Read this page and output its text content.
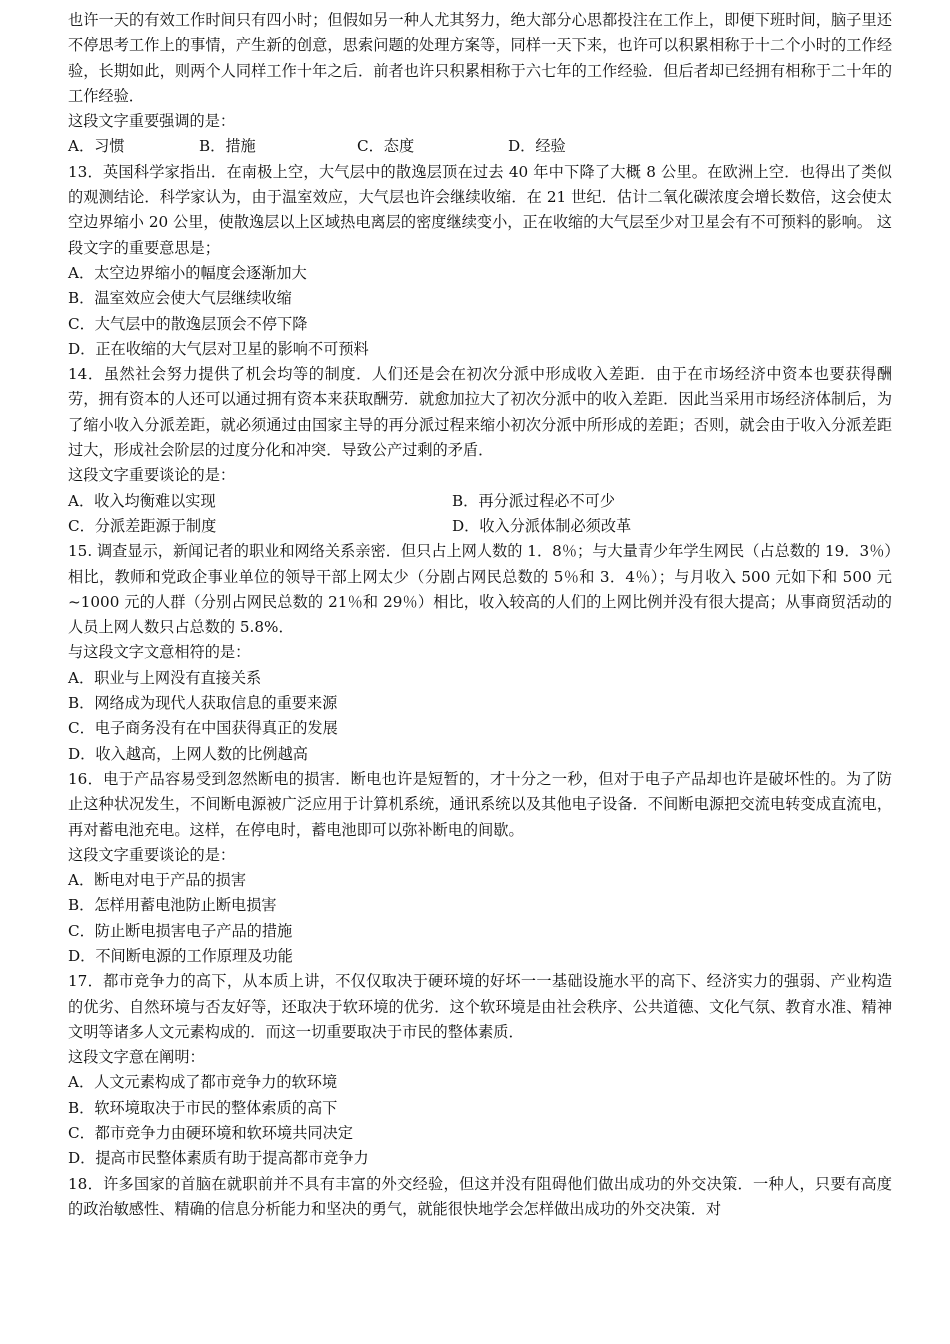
也许一天的有效工作时间只有四小时；但假如另一种人尤其努力，绝大部分心思都投注在工作上，即便下班时间，脑子里还不停思考工作上的事情，产生新的创意，思索问题的处理方案等，同样一天下来，也许可以积累相称于十二个小时的工作经验，长期如此，则两个人同样工作十年之后．前者也许只积累相称于六七年的工作经验．但后者却已经拥有相称于二十年的工作经验．

这段文字重要强调的是：

A．习惯	B．措施	C．态度	D．经验

13．英国科学家指出．在南极上空，大气层中的散逸层顶在过去 40 年中下降了大概 8 公里。在欧洲上空．也得出了类似的观测结论．科学家认为，由于温室效应，大气层也许会继续收缩．在 21 世纪．估计二氧化碳浓度会增长数倍，这会使太空边界缩小 20 公里，使散逸层以上区域热电离层的密度继续变小，正在收缩的大气层至少对卫星会有不可预料的影响。 这段文字的重要意思是；

A．太空边界缩小的幅度会逐渐加大

B．温室效应会使大气层继续收缩

C．大气层中的散逸层顶会不停下降

D．正在收缩的大气层对卫星的影响不可预料

14．虽然社会努力提供了机会均等的制度．人们还是会在初次分派中形成收入差距．由于在市场经济中资本也要获得酬劳，拥有资本的人还可以通过拥有资本来获取酬劳．就愈加拉大了初次分派中的收入差距．因此当采用市场经济体制后，为了缩小收入分派差距，就必须通过由国家主导的再分派过程来缩小初次分派中所形成的差距；否则，就会由于收入分派差距过大，形成社会阶层的过度分化和冲突．导致公产过剩的矛盾．

这段文字重要谈论的是：

A．收入均衡难以实现	B．再分派过程必不可少
C．分派差距源于制度	D．收入分派体制必须改革

15. 调查显示，新闻记者的职业和网络关系亲密．但只占上网人数的 1．8％；与大量青少年学生网民（占总数的 19．3％）相比，教师和党政企事业单位的领导干部上网太少（分剧占网民总数的 5％和 3．4％）；与月收入 500 元如下和 500 元~1000 元的人群（分别占网民总数的 21％和 29％）相比，收入较高的人们的上网比例并没有很大提高；从事商贸活动的人员上网人数只占总数的 5.8%．

与这段文字文意相符的是：

A．职业与上网没有直接关系

B．网络成为现代人获取信息的重要来源

C．电子商务没有在中国获得真正的发展

D．收入越高，上网人数的比例越高

16．电于产品容易受到忽然断电的损害．断电也许是短暂的，才十分之一秒，但对于电子产品却也许是破坏性的。为了防止这种状况发生，不间断电源被广泛应用于计算机系统，通讯系统以及其他电子设备．不间断电源把交流电转变成直流电，再对蓄电池充电。这样，在停电时，蓄电池即可以弥补断电的间歇。

这段文字重要谈论的是：

A．断电对电于产品的损害

B．怎样用蓄电池防止断电损害

C．防止断电损害电子产品的措施

D．不间断电源的工作原理及功能

17．都市竞争力的高下，从本质上讲，不仅仅取决于硬环境的好坏一一基础设施水平的高下、经济实力的强弱、产业构造的优劣、自然环境与否友好等，还取决于软环境的优劣．这个软环境是由社会秩序、公共道德、文化气氛、教育水准、精神文明等诸多人文元素构成的．而这一切重要取决于市民的整体素质．

这段文字意在阐明：

A．人文元素构成了都市竞争力的软环境

B．软环境取决于市民的整体索质的高下

C．都市竞争力由硬环境和软环境共同决定

D．提高市民整体素质有助于提高都市竞争力

18．许多国家的首脑在就职前并不具有丰富的外交经验，但这并没有阻碍他们做出成功的外交决策．一种人，只要有高度的政治敏感性、精确的信息分析能力和坚决的勇气，就能很快地学会怎样做出成功的外交决策．对
